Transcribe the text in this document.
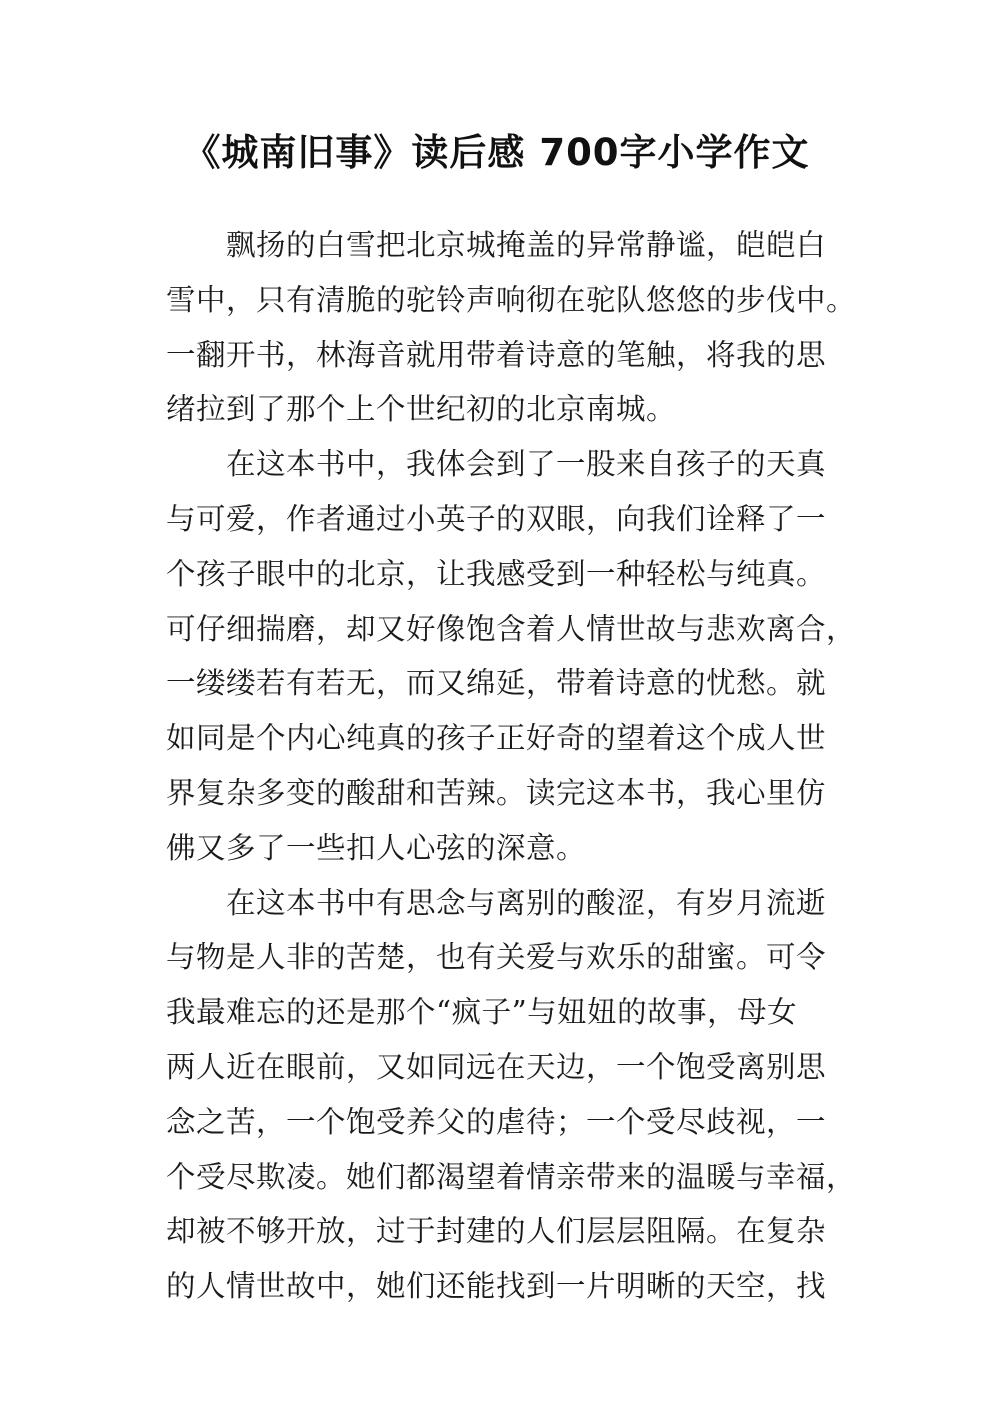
《城南旧事》读后感 700字小学作文
飘扬的白雪把北京城掩盖的异常静谧，皑皑白
雪中，只有清脆的驼铃声响彻在驼队悠悠的步伐中。
一翻开书，林海音就用带着诗意的笔触，将我的思
绪拉到了那个上个世纪初的北京南城。
在这本书中，我体会到了一股来自孩子的天真
与可爱，作者通过小英子的双眼，向我们诠释了一
个孩子眼中的北京，让我感受到一种轻松与纯真。
可仔细揣磨，却又好像饱含着人情世故与悲欢离合，
一缕缕若有若无，而又绵延，带着诗意的忧愁。就
如同是个内心纯真的孩子正好奇的望着这个成人世
界复杂多变的酸甜和苦辣。读完这本书，我心里仿
佛又多了一些扣人心弦的深意。
在这本书中有思念与离别的酸涩，有岁月流逝
与物是人非的苦楚，也有关爱与欢乐的甜蜜。可令
我最难忘的还是那个“疯子”与妞妞的故事，母女
两人近在眼前，又如同远在天边，一个饱受离别思
念之苦，一个饱受养父的虐待；一个受尽歧视，一
个受尽欺凌。她们都渴望着情亲带来的温暖与幸福，
却被不够开放，过于封建的人们层层阻隔。在复杂
的人情世故中，她们还能找到一片明晰的天空，找
